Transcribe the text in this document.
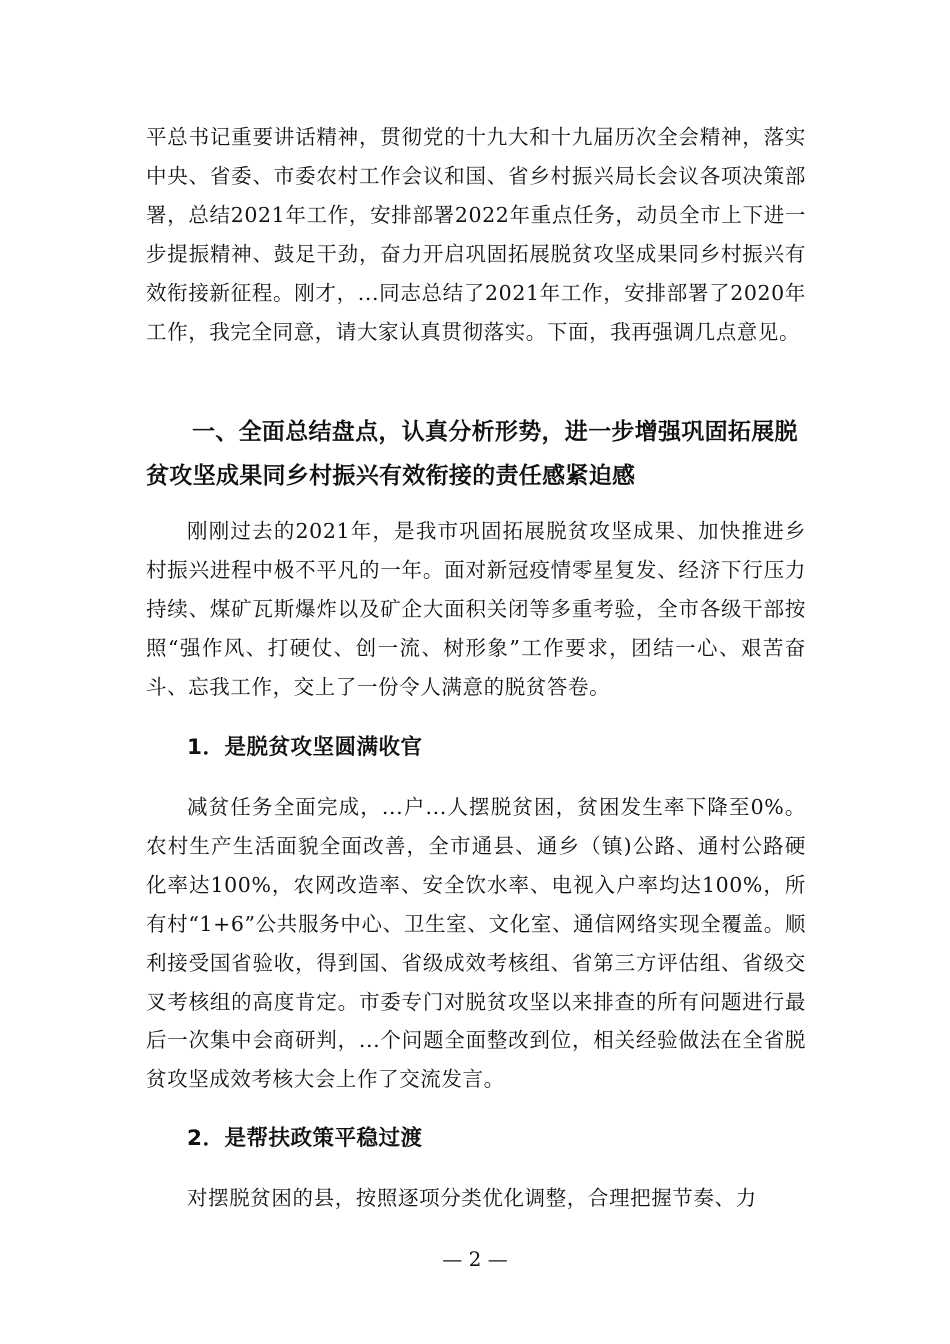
平总书记重要讲话精神，贯彻党的十九大和十九届历次全会精神，落实中央、省委、市委农村工作会议和国、省乡村振兴局长会议各项决策部署，总结2021年工作，安排部署2022年重点任务，动员全市上下进一步提振精神、鼓足干劲，奋力开启巩固拓展脱贫攻坚成果同乡村振兴有效衔接新征程。刚才，...同志总结了2021年工作，安排部署了2020年工作，我完全同意，请大家认真贯彻落实。下面，我再强调几点意见。

一、全面总结盘点，认真分析形势，进一步增强巩固拓展脱贫攻坚成果同乡村振兴有效衔接的责任感紧迫感

刚刚过去的2021年，是我市巩固拓展脱贫攻坚成果、加快推进乡村振兴进程中极不平凡的一年。面对新冠疫情零星复发、经济下行压力持续、煤矿瓦斯爆炸以及矿企大面积关闭等多重考验，全市各级干部按照“强作风、打硬仗、创一流、树形象”工作要求，团结一心、艰苦奋斗、忘我工作，交上了一份令人满意的脱贫答卷。

1．是脱贫攻坚圆满收官

减贫任务全面完成，...户...人摆脱贫困，贫困发生率下降至0%。农村生产生活面貌全面改善，全市通县、通乡（镇)公路、通村公路硬化率达100%，农网改造率、安全饮水率、电视入户率均达100%，所有村“1+6”公共服务中心、卫生室、文化室、通信网络实现全覆盖。顺利接受国省验收，得到国、省级成效考核组、省第三方评估组、省级交叉考核组的高度肯定。市委专门对脱贫攻坚以来排查的所有问题进行最后一次集中会商研判，...个问题全面整改到位，相关经验做法在全省脱贫攻坚成效考核大会上作了交流发言。

2．是帮扶政策平稳过渡

对摆脱贫困的县，按照逐项分类优化调整，合理把握节奏、力

— 2 —
